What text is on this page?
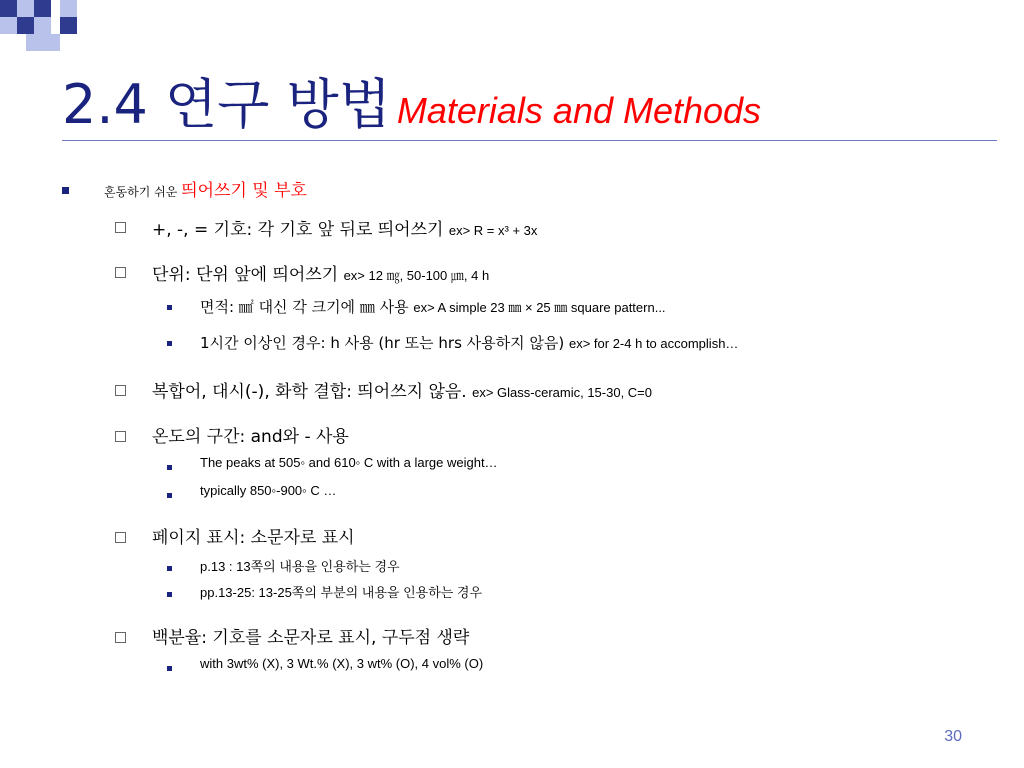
2.4 연구 방법 Materials and Methods
혼동하기 쉬운 띄어쓰기 및 부호
+, -, = 기호: 각 기호 앞 뒤로 띄어쓰기 ex> R = x³ + 3x
단위: 단위 앞에 띄어쓰기 ex> 12 ㎎, 50-100 ㎛, 4 h
면적: ㎟ 대신 각 크기에 ㎜ 사용 ex> A simple 23 ㎜ × 25 ㎜ square pattern...
1시간 이상인 경우: h 사용 (hr 또는 hrs 사용하지 않음) ex> for 2-4 h to accomplish…
복합어, 대시(-), 화학 결합: 띄어쓰지 않음. ex> Glass-ceramic, 15-30, C=0
온도의 구간: and와 - 사용
The peaks at 505◦ and 610◦ C with a large weight…
typically 850◦-900◦ C …
페이지 표시: 소문자로 표시
p.13 : 13쪽의 내용을 인용하는 경우
pp.13-25: 13-25쪽의 부분의 내용을 인용하는 경우
백분율: 기호를 소문자로 표시, 구두점 생략
with 3wt% (X), 3 Wt.% (X), 3 wt% (O), 4 vol% (O)
30
